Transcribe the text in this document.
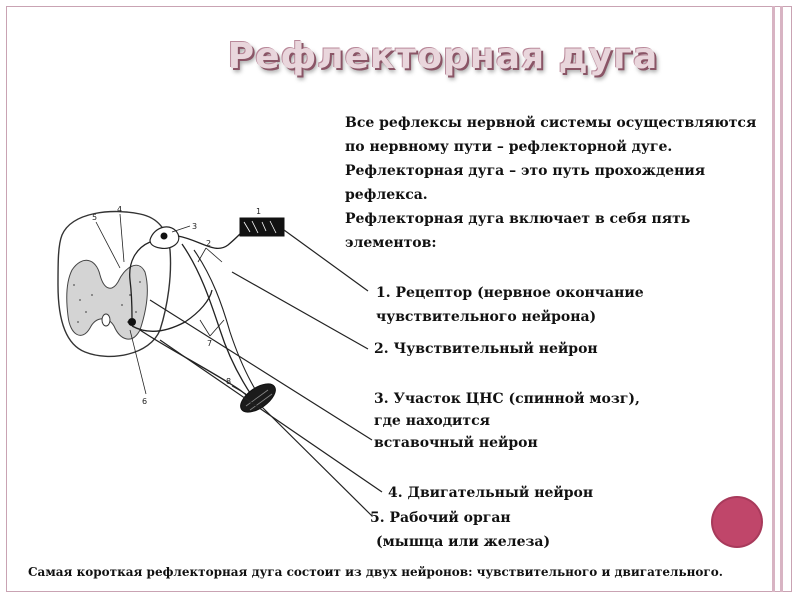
Рефлекторная дуга

Все рефлексы нервной системы осуществляются

по нервному пути – рефлекторной дуге.

Рефлекторная дуга – это путь прохождения

рефлекса.

Рефлекторная дуга включает в себя пять

элементов:

1
2
3
4
5
6
7
8
1. Рецептор (нервное окончание
чувствительного нейрона)
2. Чувствительный нейрон
3. Участок ЦНС (спинной мозг),
где находится
вставочный нейрон
4. Двигательный нейрон
5. Рабочий орган
(мышца или железа)
Самая короткая рефлекторная дуга состоит из двух нейронов: чувствительного и двигательного.
